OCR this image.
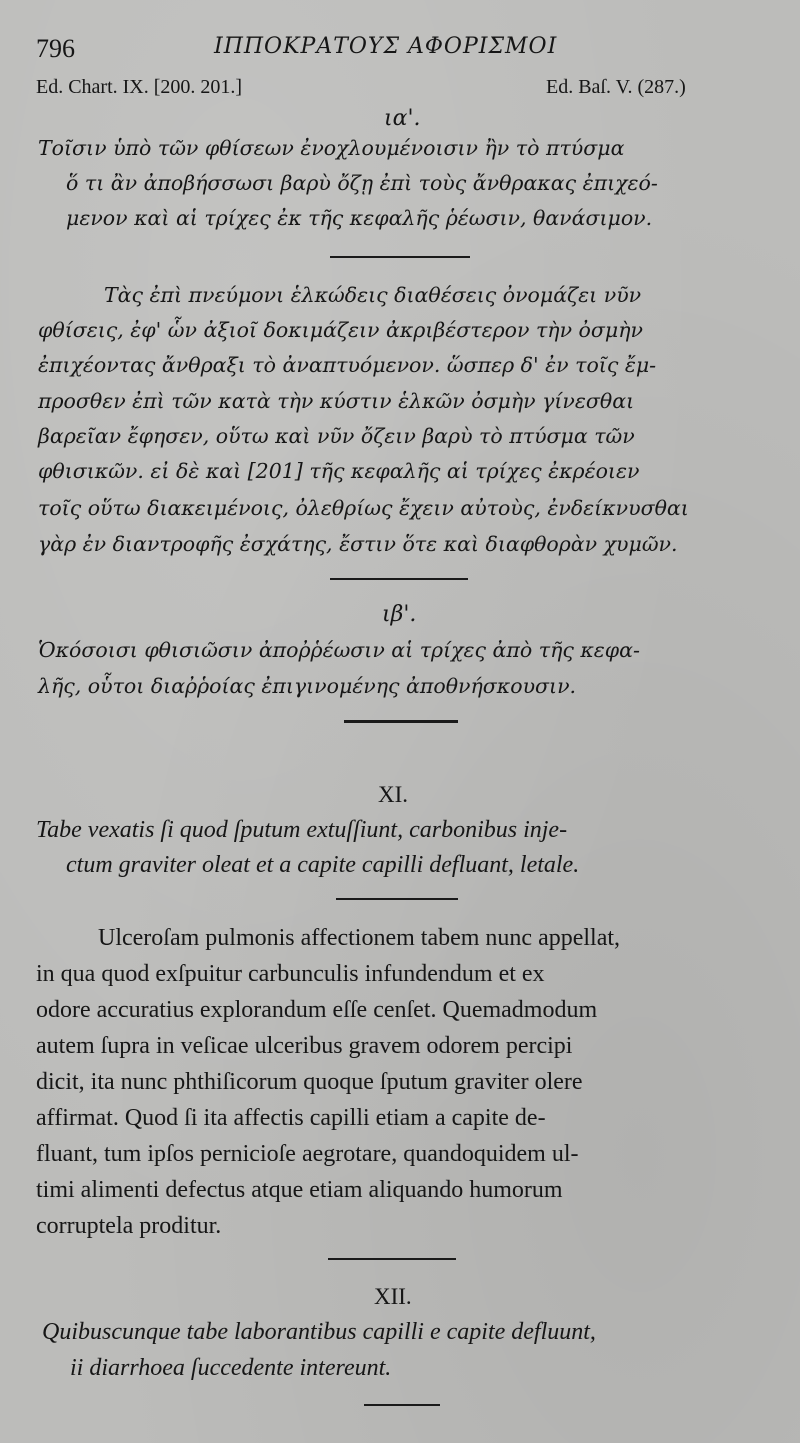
796	ΙΠΠΟΚΡΑΤΟΥΣ ΑΦΟΡΙΣΜΟΙ
Ed. Chart. IX. [200. 201.]	Ed. Baſ. V. (287.)
ια'.
Τοῖσιν ὑπὸ τῶν φθίσεων ἐνοχλουμένοισιν ἢν τὸ πτύσμα
ὅ τι ἂν ἀποβήσσωσι βαρὺ ὄζῃ ἐπὶ τοὺς ἄνθρακας ἐπιχεό-
μενον καὶ αἱ τρίχες ἐκ τῆς κεφαλῆς ῥέωσιν, θανάσιμον.
Τὰς ἐπὶ πνεύμονι ἑλκώδεις διαθέσεις ὀνομάζει νῦν
φθίσεις, ἐφ' ὧν ἀξιοῖ δοκιμάζειν ἀκριβέστερον τὴν ὀσμὴν
ἐπιχέοντας ἄνθραξι τὸ ἀναπτυόμενον. ὥσπερ δ' ἐν τοῖς ἔμ-
προσθεν ἐπὶ τῶν κατὰ τὴν κύστιν ἑλκῶν ὀσμὴν γίνεσθαι
βαρεῖαν ἔφησεν, οὕτω καὶ νῦν ὄζειν βαρὺ τὸ πτύσμα τῶν
φθισικῶν. εἰ δὲ καὶ [201] τῆς κεφαλῆς αἱ τρίχες ἐκρέοιεν
τοῖς οὕτω διακειμένοις, ὀλεθρίως ἔχειν αὐτοὺς, ἐνδείκνυσθαι
γὰρ ἐν διαντροφῆς ἐσχάτης, ἔστιν ὅτε καὶ διαφθορὰν χυμῶν.
ιβ'.
Ὁκόσοισι φθισιῶσιν ἀποῤῥέωσιν αἱ τρίχες ἀπὸ τῆς κεφα-
λῆς, οὗτοι διαῤῥοίας ἐπιγινομένης ἀποθνήσκουσιν.
XI.
Tabe vexatis ſi quod ſputum extuſſiunt, carbonibus inje-
ctum graviter oleat et a capite capilli defluant, letale.
Ulceroſam pulmonis affectionem tabem nunc appellat,
in qua quod exſpuitur carbunculis infundendum et ex
odore accuratius explorandum eſſe cenſet. Quemadmodum
autem ſupra in veſicae ulceribus gravem odorem percipi
dicit, ita nunc phthiſicorum quoque ſputum graviter olere
affirmat. Quod ſi ita affectis capilli etiam a capite de-
fluant, tum ipſos pernicioſe aegrotare, quandoquidem ul-
timi alimenti defectus atque etiam aliquando humorum
corruptela proditur.
XII.
Quibuscunque tabe laborantibus capilli e capite defluunt,
ii diarrhoea ſuccedente intereunt.
